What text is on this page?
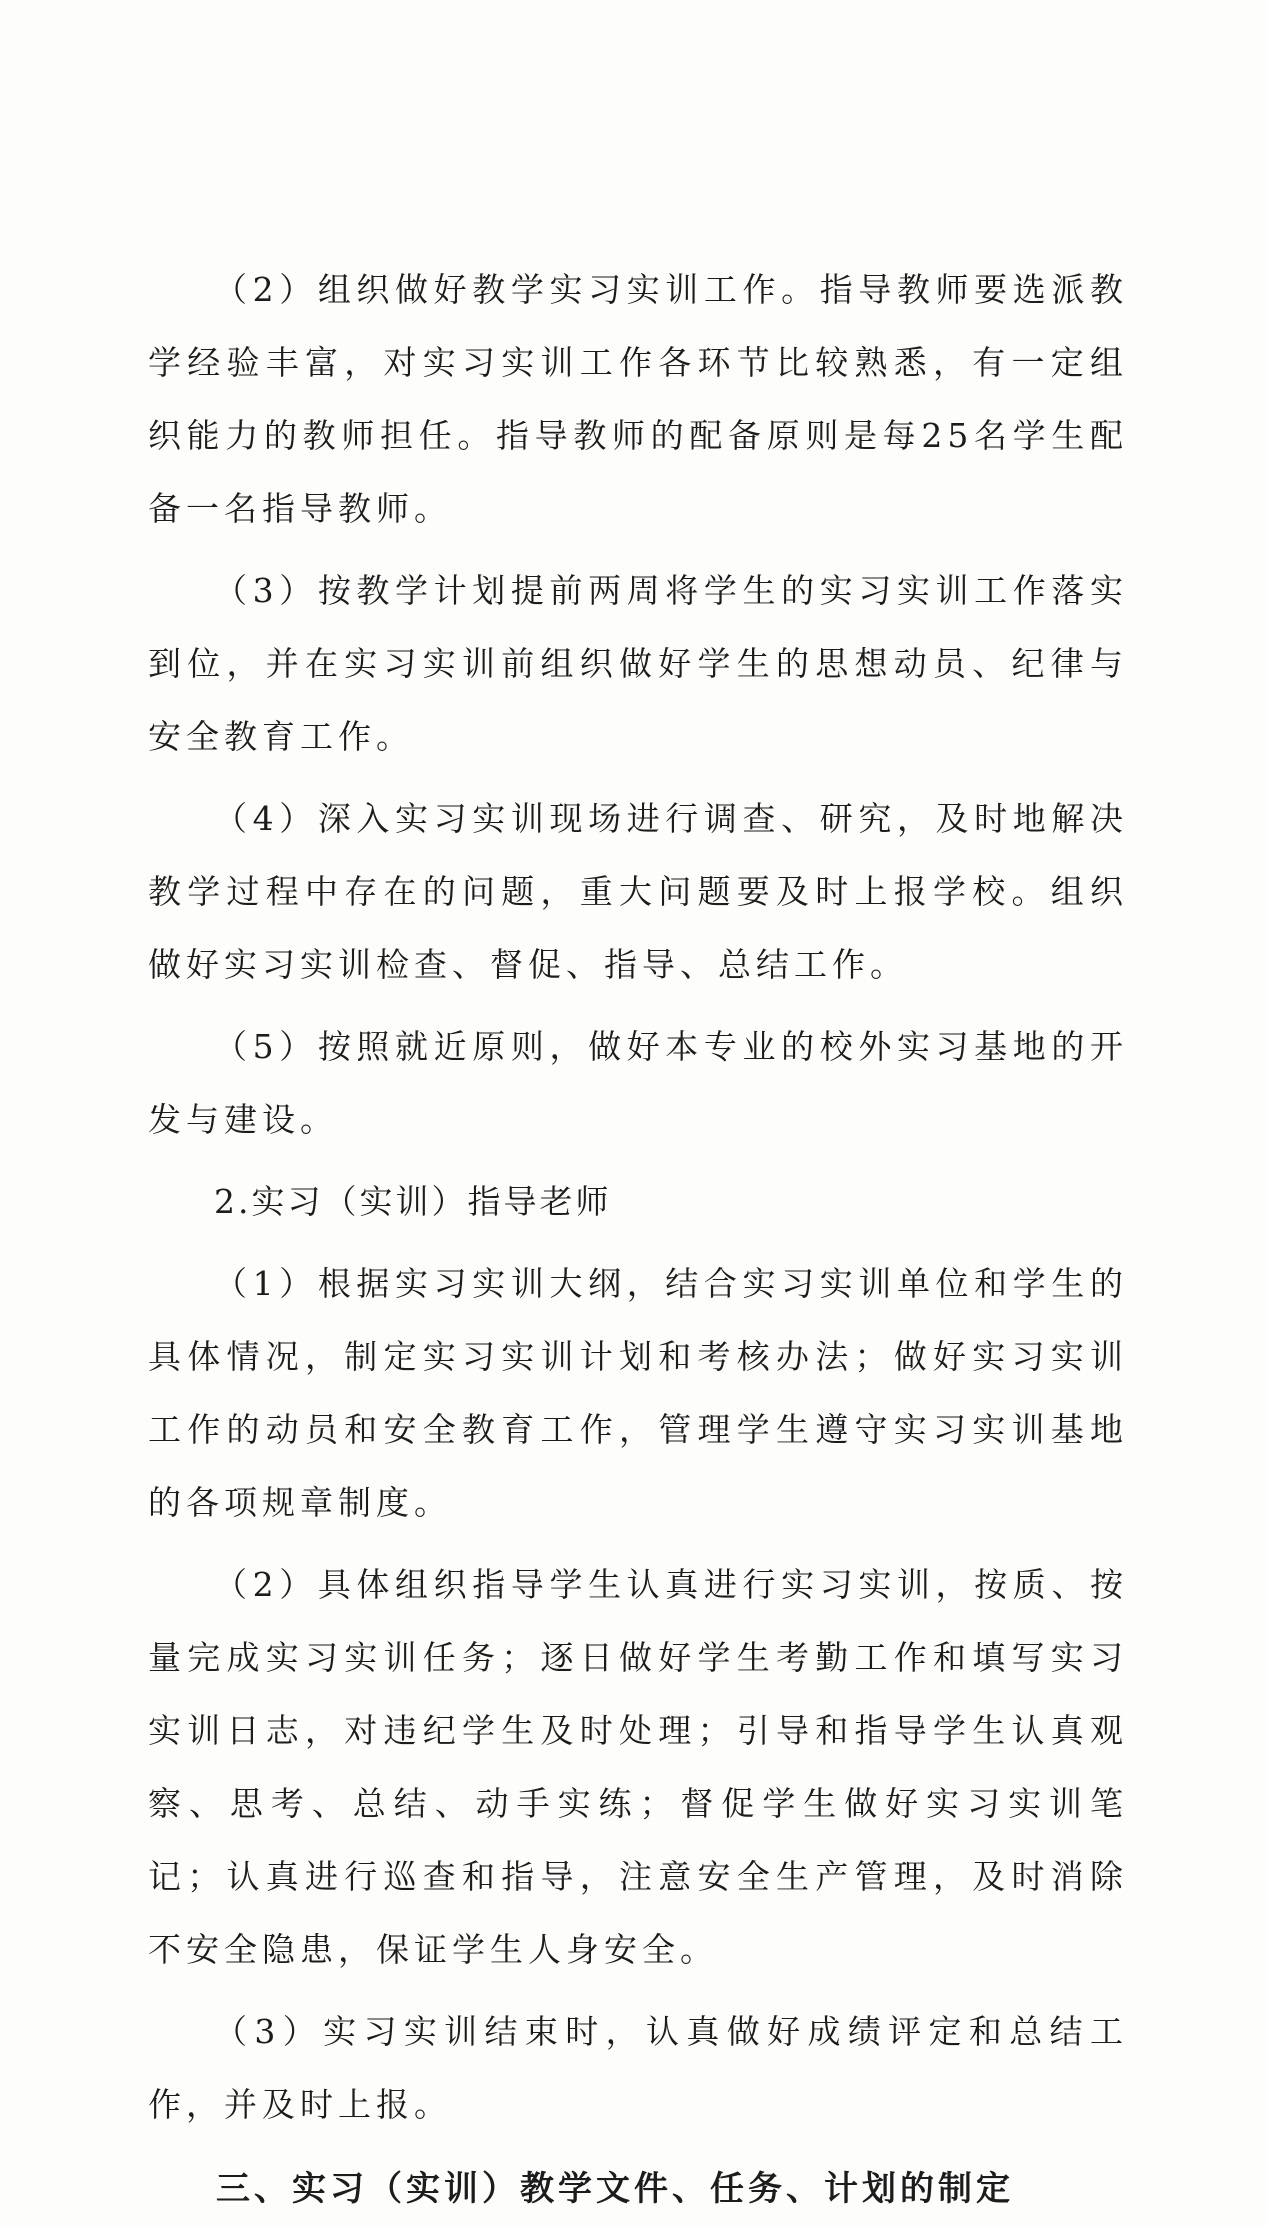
（2）组织做好教学实习实训工作。指导教师要选派教学经验丰富，对实习实训工作各环节比较熟悉，有一定组织能力的教师担任。指导教师的配备原则是每25名学生配备一名指导教师。

（3）按教学计划提前两周将学生的实习实训工作落实到位，并在实习实训前组织做好学生的思想动员、纪律与安全教育工作。

（4）深入实习实训现场进行调查、研究，及时地解决教学过程中存在的问题，重大问题要及时上报学校。组织做好实习实训检查、督促、指导、总结工作。

（5）按照就近原则，做好本专业的校外实习基地的开发与建设。

2.实习（实训）指导老师

（1）根据实习实训大纲，结合实习实训单位和学生的具体情况，制定实习实训计划和考核办法；做好实习实训工作的动员和安全教育工作，管理学生遵守实习实训基地的各项规章制度。

（2）具体组织指导学生认真进行实习实训，按质、按量完成实习实训任务；逐日做好学生考勤工作和填写实习实训日志，对违纪学生及时处理；引导和指导学生认真观察、思考、总结、动手实练；督促学生做好实习实训笔记；认真进行巡查和指导，注意安全生产管理，及时消除不安全隐患，保证学生人身安全。

（3）实习实训结束时，认真做好成绩评定和总结工作，并及时上报。

三、实习（实训）教学文件、任务、计划的制定
